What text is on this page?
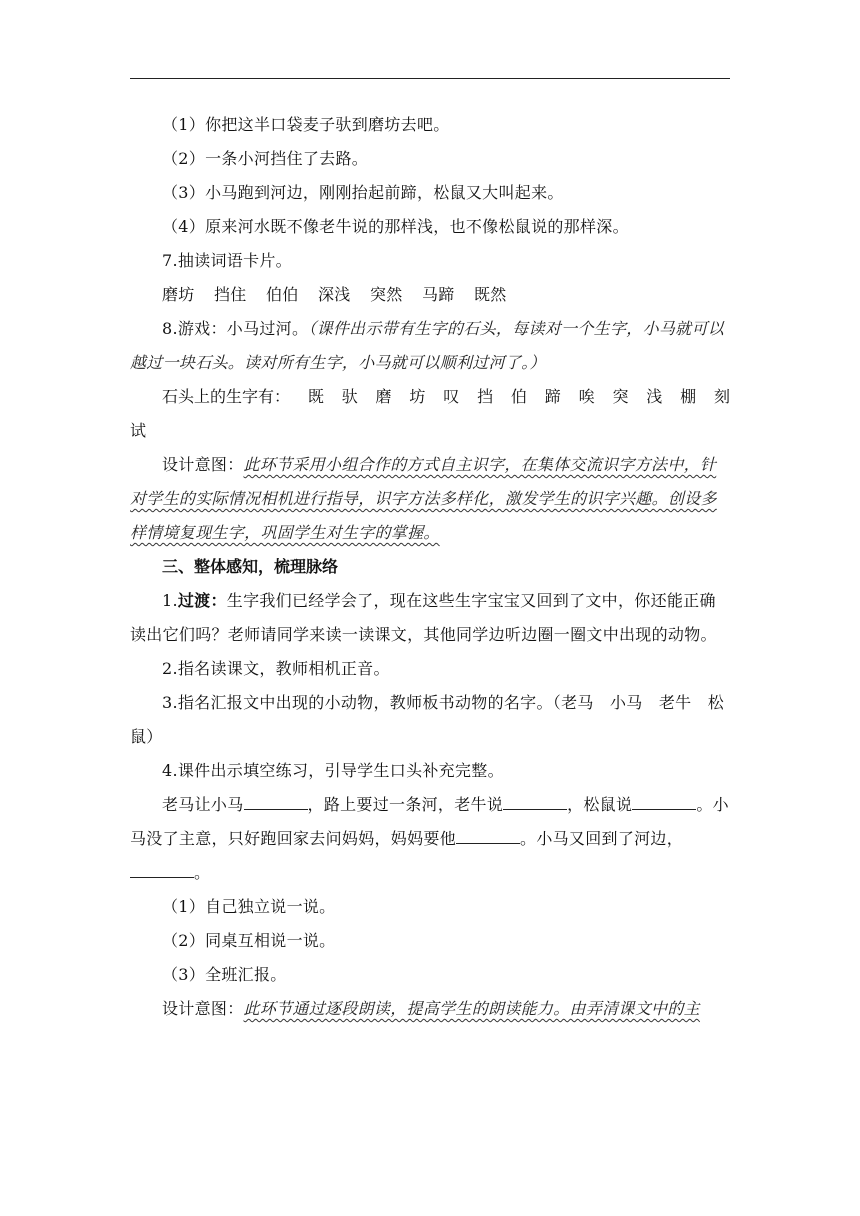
（1）你把这半口袋麦子驮到磨坊去吧。

（2）一条小河挡住了去路。

（3）小马跑到河边，刚刚抬起前蹄，松鼠又大叫起来。

（4）原来河水既不像老牛说的那样浅，也不像松鼠说的那样深。

7.抽读词语卡片。

磨坊 挡住 伯伯 深浅 突然 马蹄 既然

8.游戏：小马过河。（课件出示带有生字的石头，每读对一个生字，小马就可以越过一块石头。读对所有生字，小马就可以顺利过河了。）

石头上的生字有： 既 驮 磨 坊 叹 挡 伯 蹄 唉 突 浅 棚 刻
试

设计意图：此环节采用小组合作的方式自主识字，在集体交流识字方法中，针对学生的实际情况相机进行指导，识字方法多样化，激发学生的识字兴趣。创设多样情境复现生字，巩固学生对生字的掌握。

三、整体感知，梳理脉络

1.过渡：生字我们已经学会了，现在这些生字宝宝又回到了文中，你还能正确读出它们吗？老师请同学来读一读课文，其他同学边听边圈一圈文中出现的动物。

2.指名读课文，教师相机正音。

3.指名汇报文中出现的小动物，教师板书动物的名字。（老马　小马　老牛　松鼠）

4.课件出示填空练习，引导学生口头补充完整。

老马让小马	，路上要过一条河，老牛说	，松鼠说	。小马没了主意，只好跑回家去问妈妈，妈妈要他	。小马又回到了河边，。

（1）自己独立说一说。

（2）同桌互相说一说。

（3）全班汇报。

设计意图：此环节通过逐段朗读，提高学生的朗读能力。由弄清课文中的主
